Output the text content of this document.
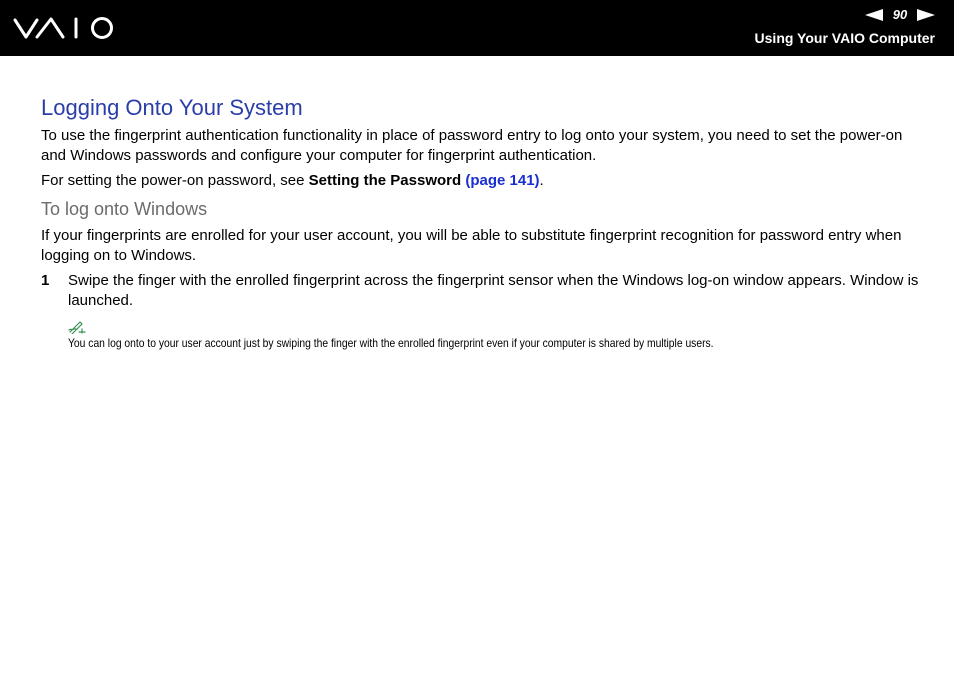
90
Using Your VAIO Computer
Logging Onto Your System

To use the fingerprint authentication functionality in place of password entry to log onto your system, you need to set the power-on and Windows passwords and configure your computer for fingerprint authentication.

For setting the power-on password, see Setting the Password (page 141).

To log onto Windows

If your fingerprints are enrolled for your user account, you will be able to substitute fingerprint recognition for password entry when logging on to Windows.

1	Swipe the finger with the enrolled fingerprint across the fingerprint sensor when the Windows log-on window appears. Window is launched.
You can log onto to your user account just by swiping the finger with the enrolled fingerprint even if your computer is shared by multiple users.
